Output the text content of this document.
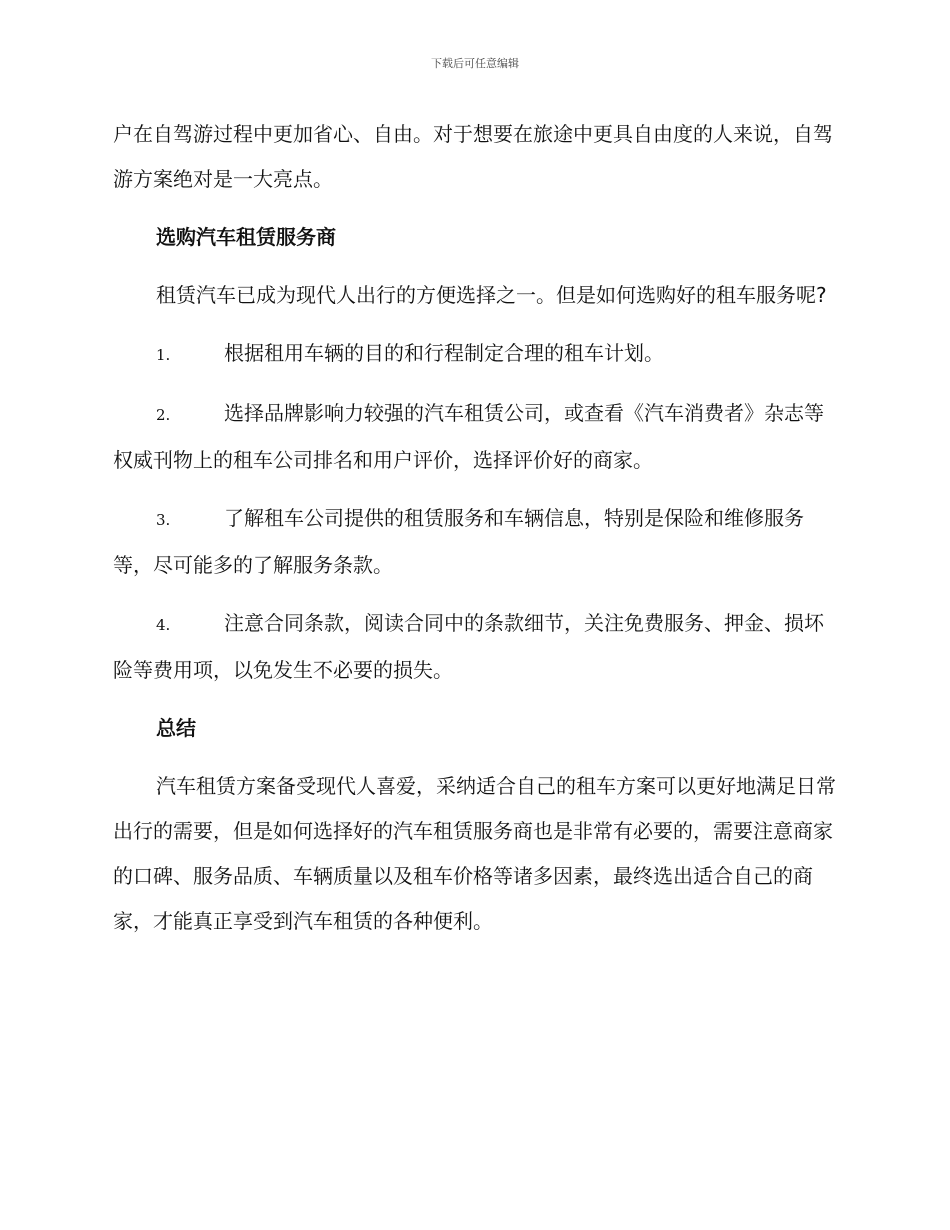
下载后可任意编辑

户在自驾游过程中更加省心、自由。对于想要在旅途中更具自由度的人来说，自驾游方案绝对是一大亮点。

选购汽车租赁服务商

租赁汽车已成为现代人出行的方便选择之一。但是如何选购好的租车服务呢?

1.	根据租用车辆的目的和行程制定合理的租车计划。

2.	选择品牌影响力较强的汽车租赁公司，或查看《汽车消费者》杂志等权威刊物上的租车公司排名和用户评价，选择评价好的商家。

3.	了解租车公司提供的租赁服务和车辆信息，特别是保险和维修服务等，尽可能多的了解服务条款。

4.	注意合同条款，阅读合同中的条款细节，关注免费服务、押金、损坏险等费用项，以免发生不必要的损失。

总结

汽车租赁方案备受现代人喜爱，采纳适合自己的租车方案可以更好地满足日常出行的需要，但是如何选择好的汽车租赁服务商也是非常有必要的，需要注意商家的口碑、服务品质、车辆质量以及租车价格等诸多因素，最终选出适合自己的商家，才能真正享受到汽车租赁的各种便利。
